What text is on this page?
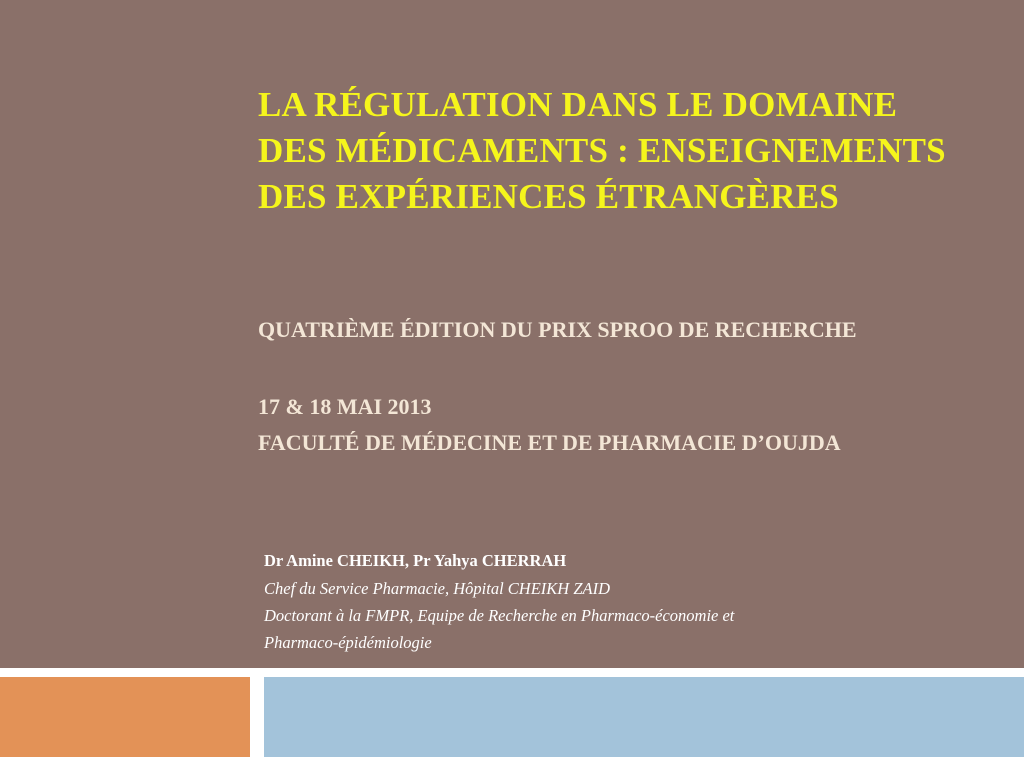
LA RÉGULATION DANS LE DOMAINE
DES MÉDICAMENTS : ENSEIGNEMENTS
DES EXPÉRIENCES ÉTRANGÈRES
QUATRIÈME ÉDITION DU PRIX SPROO DE RECHERCHE
17 & 18 MAI 2013
FACULTÉ DE MÉDECINE ET DE PHARMACIE D’OUJDA
Dr Amine CHEIKH, Pr Yahya CHERRAH
Chef du Service Pharmacie, Hôpital CHEIKH ZAID
Doctorant à la FMPR, Equipe de Recherche en Pharmaco-économie et
Pharmaco-épidémiologie
